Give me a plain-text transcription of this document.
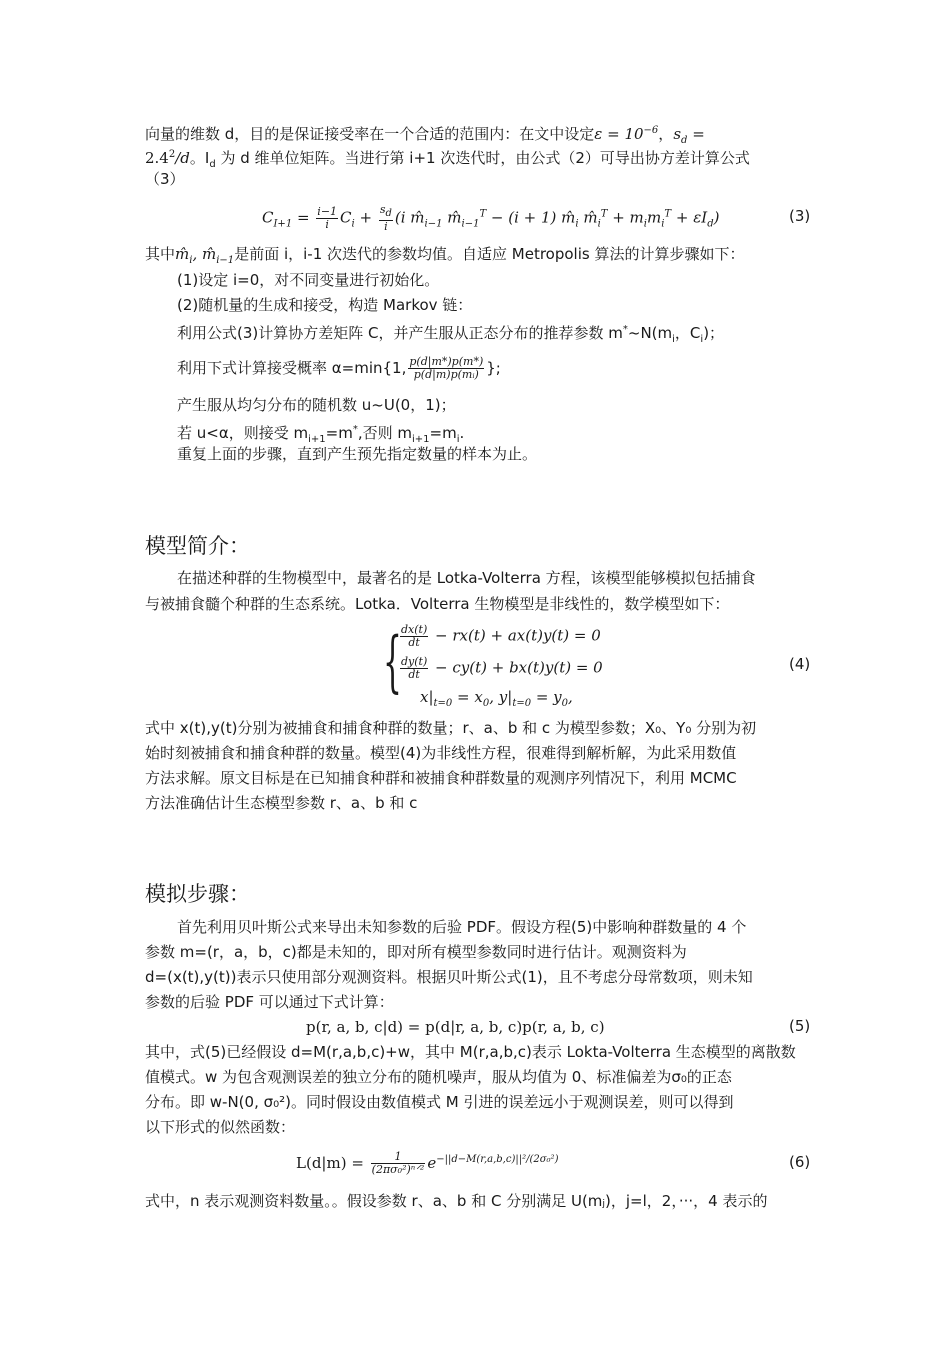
向量的维数 d，目的是保证接受率在一个合适的范围内：在文中设定$\varepsilon = 10^{-6}$，$s_d$ =
$2.4^2/d$。$I_d$ 为 d 维单位矩阵。当进行第 i+1 次迭代时，由公式（2）可导出协方差计算公式
（3）
$C_{I+1} = \frac{i-1}{i} C_i + \frac{s_d}{i} (i$ $m̂_{i-1}$ $m̂_{i-1}^T - (i + 1)$ $m̂_i$ $m̂_i^T + m_im_i^T + \varepsilon I_d$)	(3)
其中$m̂_i$, $m̂_{i-1}$是前面 i，i-1 次迭代的参数均值。自适应 Metropolis 算法的计算步骤如下：
(1)设定 i=0，对不同变量进行初始化。
(2)随机量的生成和接受，构造 Markov 链：
利用公式(3)计算协方差矩阵 C，并产生服从正态分布的推荐参数 $m^*\sim N(m_i$，$C_i$)；
利用下式计算接受概率 α=min{1, $\frac{p(d|m*)p(m*)}{\text{p(d|m)p(mᵢ)}}$ };
产生服从均匀分布的随机数 u~U(0，1)；
若 u<α，则接受 $m_{i+1}=m^*$,否则 $m_{i+1}=m_i$.
重复上面的步骤，直到产生预先指定数量的样本为止。
模型简介：
在描述种群的生物模型中，最著名的是 Lotka-Volterra 方程，该模型能够模拟包括捕食
与被捕食髓个种群的生态系统。Lotka．Volterra 生物模型是非线性的，数学模型如下：
{
$\frac{dx(t)}{dt} - rx(t) + ax(t)y(t) = 0$
$\frac{dy(t)}{dt} - cy(t) + bx(t)y(t) = 0$
$x|_{t=0} = x_0$, $y|_{t=0} = y_0$,
(4)
式中 x(t),y(t)分别为被捕食和捕食种群的数量；r、a、b 和 c 为模型参数；X₀、Y₀ 分别为初
始时刻被捕食和捕食种群的数量。模型(4)为非线性方程，很难得到解析解，为此采用数值
方法求解。原文目标是在已知捕食种群和被捕食种群数量的观测序列情况下，利用 MCMC
方法准确估计生态模型参数 r、a、b 和 c
模拟步骤：
首先利用贝叶斯公式来导出未知参数的后验 PDF。假设方程(5)中影响种群数量的 4 个
参数 m=(r，a，b，c)都是未知的，即对所有模型参数同时进行估计。观测资料为
d=(x(t),y(t))表示只使用部分观测资料。根据贝叶斯公式(1)，且不考虑分母常数项，则未知
参数的后验 PDF 可以通过下式计算：
p(r, a, b, c|d) = p(d|r, a, b, c)p(r, a, b, c)	(5)
其中，式(5)已经假设 d=M(r,a,b,c)+w，其中 M(r,a,b,c)表示 Lokta-Volterra 生态模型的离散数
值模式。w 为包含观测误差的独立分布的随机噪声，服从均值为 0、标准偏差为σ₀的正态
分布。即 w-N(0, σ₀²)。同时假设由数值模式 M 引进的误差远小于观测误差，则可以得到
以下形式的似然函数：
$L(d|m) = \frac{1}{\text{(2πσ₀²)ⁿᐟ²}} e^{-||d-M(r,a,b,c)||^2/(2\sigma_0^2)}$	(6)
式中，n 表示观测资料数量。。假设参数 r、a、b 和 C 分别满足 U(mⱼ)，j=l，2，···，4 表示的
